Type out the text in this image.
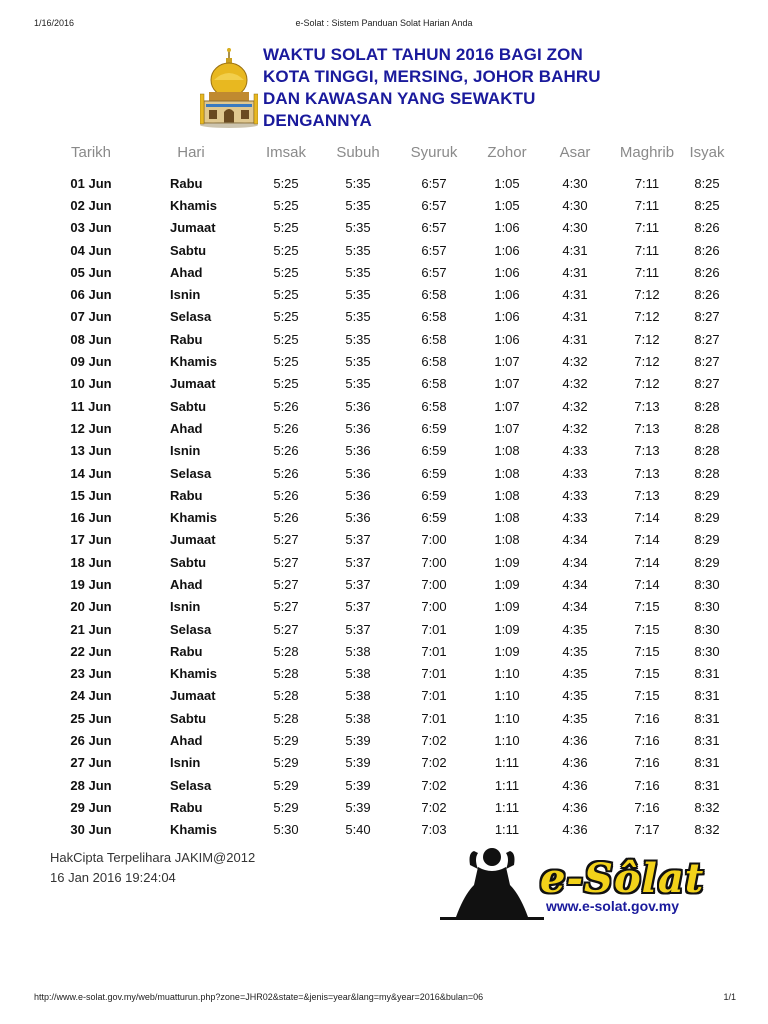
1/16/2016	e-Solat : Sistem Panduan Solat Harian Anda
WAKTU SOLAT TAHUN 2016 BAGI ZON
KOTA TINGGI, MERSING, JOHOR BAHRU
DAN KAWASAN YANG SEWAKTU
DENGANNYA
Tarikh	Hari	Imsak	Subuh	Syuruk	Zohor	Asar	Maghrib	Isyak

01 Jun	Rabu	5:25	5:35	6:57	1:05	4:30	7:11	8:25
02 Jun	Khamis	5:25	5:35	6:57	1:05	4:30	7:11	8:25
03 Jun	Jumaat	5:25	5:35	6:57	1:06	4:30	7:11	8:26
04 Jun	Sabtu	5:25	5:35	6:57	1:06	4:31	7:11	8:26
05 Jun	Ahad	5:25	5:35	6:57	1:06	4:31	7:11	8:26
06 Jun	Isnin	5:25	5:35	6:58	1:06	4:31	7:12	8:26
07 Jun	Selasa	5:25	5:35	6:58	1:06	4:31	7:12	8:27
08 Jun	Rabu	5:25	5:35	6:58	1:06	4:31	7:12	8:27
09 Jun	Khamis	5:25	5:35	6:58	1:07	4:32	7:12	8:27
10 Jun	Jumaat	5:25	5:35	6:58	1:07	4:32	7:12	8:27
11 Jun	Sabtu	5:26	5:36	6:58	1:07	4:32	7:13	8:28
12 Jun	Ahad	5:26	5:36	6:59	1:07	4:32	7:13	8:28
13 Jun	Isnin	5:26	5:36	6:59	1:08	4:33	7:13	8:28
14 Jun	Selasa	5:26	5:36	6:59	1:08	4:33	7:13	8:28
15 Jun	Rabu	5:26	5:36	6:59	1:08	4:33	7:13	8:29
16 Jun	Khamis	5:26	5:36	6:59	1:08	4:33	7:14	8:29
17 Jun	Jumaat	5:27	5:37	7:00	1:08	4:34	7:14	8:29
18 Jun	Sabtu	5:27	5:37	7:00	1:09	4:34	7:14	8:29
19 Jun	Ahad	5:27	5:37	7:00	1:09	4:34	7:14	8:30
20 Jun	Isnin	5:27	5:37	7:00	1:09	4:34	7:15	8:30
21 Jun	Selasa	5:27	5:37	7:01	1:09	4:35	7:15	8:30
22 Jun	Rabu	5:28	5:38	7:01	1:09	4:35	7:15	8:30
23 Jun	Khamis	5:28	5:38	7:01	1:10	4:35	7:15	8:31
24 Jun	Jumaat	5:28	5:38	7:01	1:10	4:35	7:15	8:31
25 Jun	Sabtu	5:28	5:38	7:01	1:10	4:35	7:16	8:31
26 Jun	Ahad	5:29	5:39	7:02	1:10	4:36	7:16	8:31
27 Jun	Isnin	5:29	5:39	7:02	1:11	4:36	7:16	8:31
28 Jun	Selasa	5:29	5:39	7:02	1:11	4:36	7:16	8:31
29 Jun	Rabu	5:29	5:39	7:02	1:11	4:36	7:16	8:32
30 Jun	Khamis	5:30	5:40	7:03	1:11	4:36	7:17	8:32
HakCipta Terpelihara JAKIM@2012
16 Jan 2016 19:24:04	e-Sôlat
www.e-solat.gov.my
http://www.e-solat.gov.my/web/muatturun.php?zone=JHR02&state=&jenis=year&lang=my&year=2016&bulan=06	1/1
